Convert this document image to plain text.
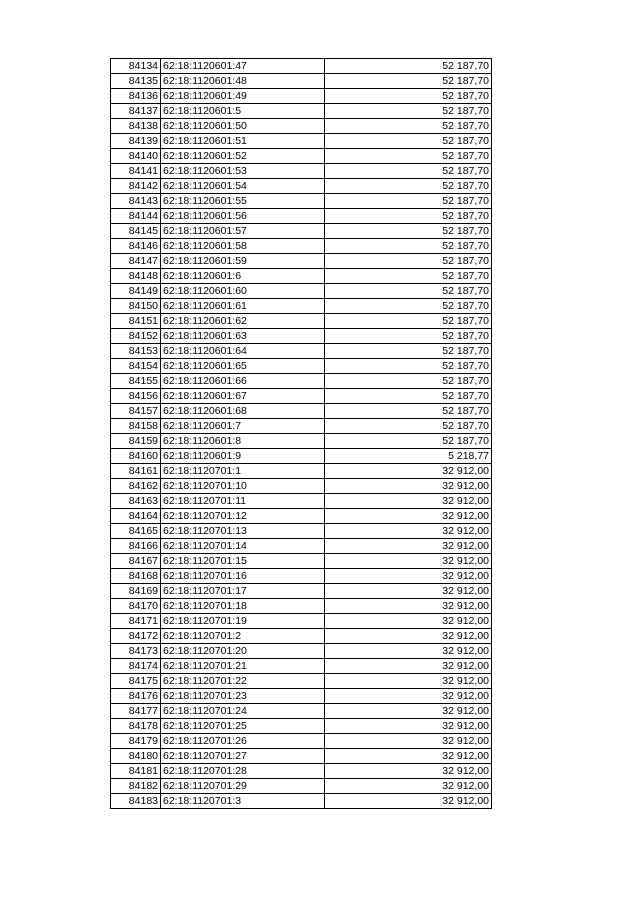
84134	62:18:1120601:47	52 187,70
84135	62:18:1120601:48	52 187,70
84136	62:18:1120601:49	52 187,70
84137	62:18:1120601:5	52 187,70
84138	62:18:1120601:50	52 187,70
84139	62:18:1120601:51	52 187,70
84140	62:18:1120601:52	52 187,70
84141	62:18:1120601:53	52 187,70
84142	62:18:1120601:54	52 187,70
84143	62:18:1120601:55	52 187,70
84144	62:18:1120601:56	52 187,70
84145	62:18:1120601:57	52 187,70
84146	62:18:1120601:58	52 187,70
84147	62:18:1120601:59	52 187,70
84148	62:18:1120601:6	52 187,70
84149	62:18:1120601:60	52 187,70
84150	62:18:1120601:61	52 187,70
84151	62:18:1120601:62	52 187,70
84152	62:18:1120601:63	52 187,70
84153	62:18:1120601:64	52 187,70
84154	62:18:1120601:65	52 187,70
84155	62:18:1120601:66	52 187,70
84156	62:18:1120601:67	52 187,70
84157	62:18:1120601:68	52 187,70
84158	62:18:1120601:7	52 187,70
84159	62:18:1120601:8	52 187,70
84160	62:18:1120601:9	5 218,77
84161	62:18:1120701:1	32 912,00
84162	62:18:1120701:10	32 912,00
84163	62:18:1120701:11	32 912,00
84164	62:18:1120701:12	32 912,00
84165	62:18:1120701:13	32 912,00
84166	62:18:1120701:14	32 912,00
84167	62:18:1120701:15	32 912,00
84168	62:18:1120701:16	32 912,00
84169	62:18:1120701:17	32 912,00
84170	62:18:1120701:18	32 912,00
84171	62:18:1120701:19	32 912,00
84172	62:18:1120701:2	32 912,00
84173	62:18:1120701:20	32 912,00
84174	62:18:1120701:21	32 912,00
84175	62:18:1120701:22	32 912,00
84176	62:18:1120701:23	32 912,00
84177	62:18:1120701:24	32 912,00
84178	62:18:1120701:25	32 912,00
84179	62:18:1120701:26	32 912,00
84180	62:18:1120701:27	32 912,00
84181	62:18:1120701:28	32 912,00
84182	62:18:1120701:29	32 912,00
84183	62:18:1120701:3	32 912,00
